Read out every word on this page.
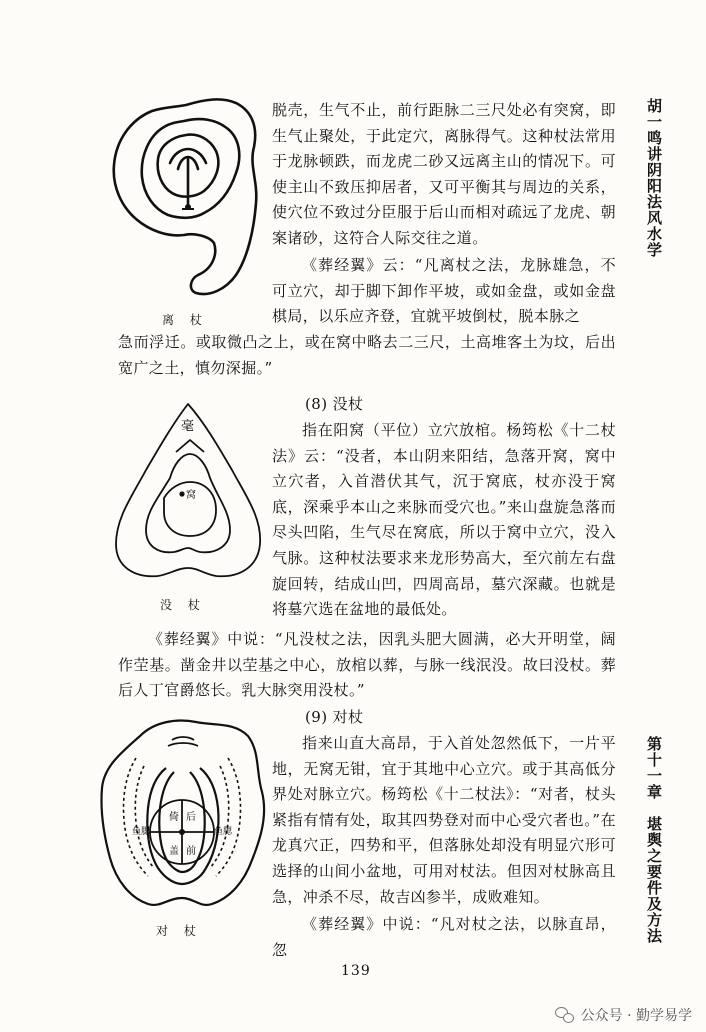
离 杖

毫
窝

没 杖

倚 后
盖 前
鱼腮	鱼腮

对 杖

胡一鸣讲阴阳法风水学

第十一章　堪舆之要件及方法

脱壳，生气不止，前行距脉二三尺处必有突窝，即生气止聚处，于此定穴，离脉得气。这种杖法常用于龙脉顿跌，而龙虎二砂又远离主山的情况下。可使主山不致压抑居者，又可平衡其与周边的关系，使穴位不致过分臣服于后山而相对疏远了龙虎、朝案诸砂，这符合人际交往之道。

《葬经翼》云：“凡离杖之法，龙脉雄急，不可立穴，却于脚下卸作平坡，或如金盘，或如金盘棋局，以乐应齐登，宜就平坡倒杖，脱本脉之

急而浮迁。或取微凸之上，或在窝中略去二三尺，土高堆客土为坟，后出宽广之土，慎勿深掘。”

(8) 没杖

指在阳窝（平位）立穴放棺。杨筠松《十二杖法》云：“没者，本山阴来阳结，急落开窝，窝中立穴者，入首潜伏其气，沉于窝底，杖亦没于窝底，深乘乎本山之来脉而受穴也。”来山盘旋急落而尽头凹陷，生气尽在窝底，所以于窝中立穴，没入气脉。这种杖法要求来龙形势高大，至穴前左右盘旋回转，结成山凹，四周高昂，墓穴深藏。也就是将墓穴选在盆地的最低处。

《葬经翼》中说：“凡没杖之法，因乳头肥大圆满，必大开明堂，阔作茔基。凿金井以茔基之中心，放棺以葬，与脉一线泯没。故曰没杖。葬后人丁官爵悠长。乳大脉突用没杖。”

(9) 对杖

指来山直大高昂，于入首处忽然低下，一片平地，无窝无钳，宜于其地中心立穴。或于其高低分界处对脉立穴。杨筠松《十二杖法》：“对者，杖头紧指有情有处，取其四势登对而中心受穴者也。”在龙真穴正，四势和平，但落脉处却没有明显穴形可选择的山间小盆地，可用对杖法。但因对杖脉高且急，冲杀不尽，故吉凶参半，成败难知。

《葬经翼》中说：“凡对杖之法，以脉直昂，忽

139

公众号 · 勤学易学
